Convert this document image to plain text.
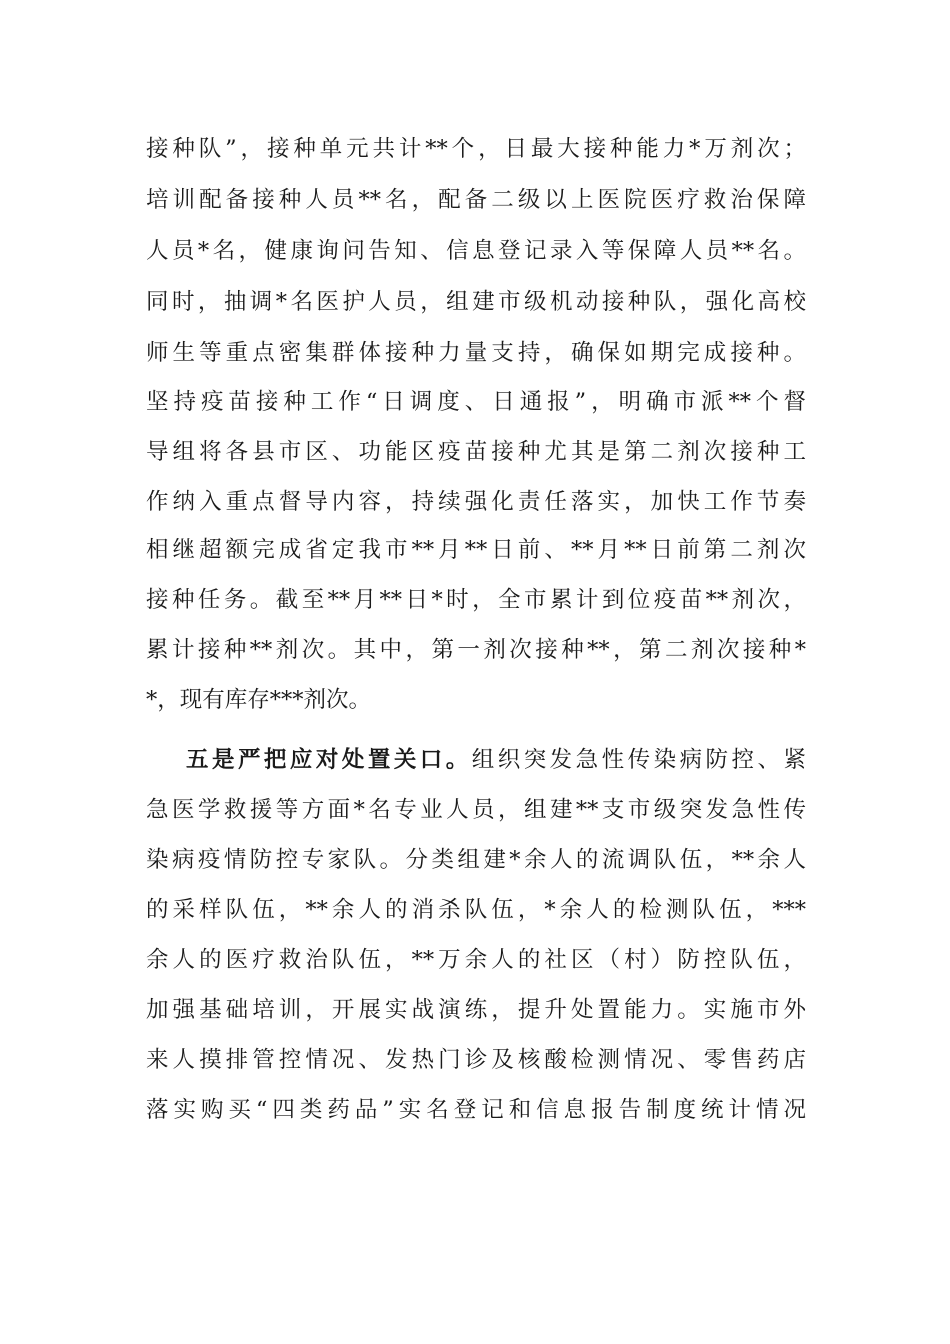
接种队”，接种单元共计**个，日最大接种能力*万剂次；
培训配备接种人员**名，配备二级以上医院医疗救治保障
人员*名，健康询问告知、信息登记录入等保障人员**名。
同时，抽调*名医护人员，组建市级机动接种队，强化高校
师生等重点密集群体接种力量支持，确保如期完成接种。
坚持疫苗接种工作“日调度、日通报”，明确市派**个督
导组将各县市区、功能区疫苗接种尤其是第二剂次接种工
作纳入重点督导内容，持续强化责任落实，加快工作节奏
相继超额完成省定我市**月**日前、**月**日前第二剂次
接种任务。截至**月**日*时，全市累计到位疫苗**剂次，
累计接种**剂次。其中，第一剂次接种**，第二剂次接种*
*，现有库存***剂次。
五是严把应对处置关口。组织突发急性传染病防控、紧
急医学救援等方面*名专业人员，组建**支市级突发急性传
染病疫情防控专家队。分类组建*余人的流调队伍，**余人
的采样队伍，**余人的消杀队伍，*余人的检测队伍，***
余人的医疗救治队伍，**万余人的社区（村）防控队伍，
加强基础培训，开展实战演练，提升处置能力。实施市外
来人摸排管控情况、发热门诊及核酸检测情况、零售药店
落实购买“四类药品”实名登记和信息报告制度统计情况
